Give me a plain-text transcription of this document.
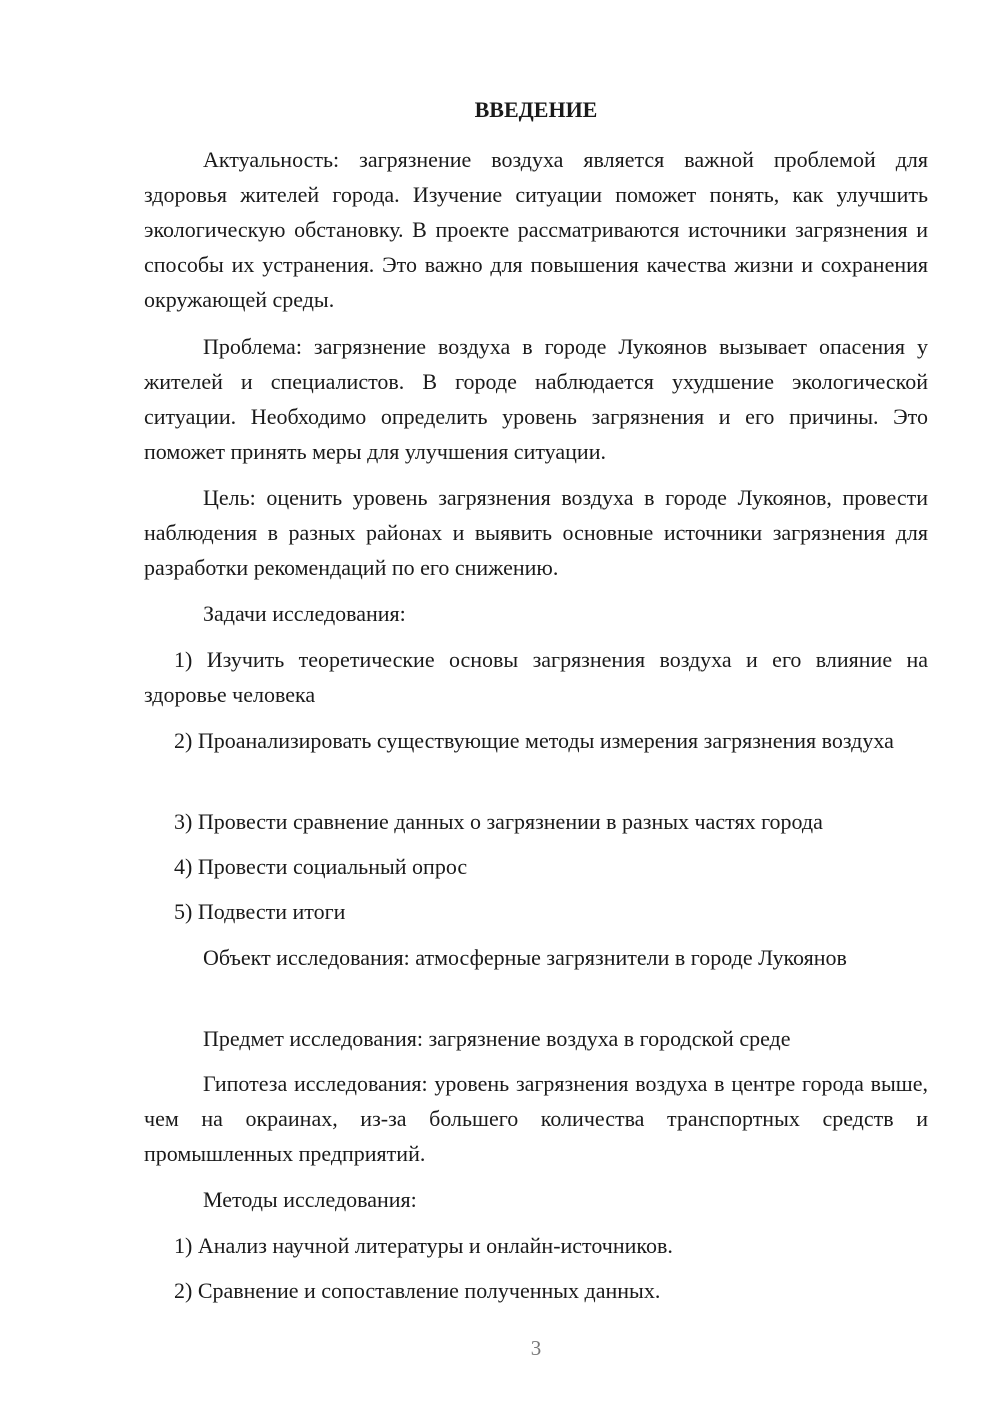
ВВЕДЕНИЕ

Актуальность: загрязнение воздуха является важной проблемой для здоровья жителей города. Изучение ситуации поможет понять, как улучшить экологическую обстановку. В проекте рассматриваются источники загрязнения и способы их устранения. Это важно для повышения качества жизни и сохранения окружающей среды.

Проблема: загрязнение воздуха в городе Лукоянов вызывает опасения у жителей и специалистов. В городе наблюдается ухудшение экологической ситуации. Необходимо определить уровень загрязнения и его причины. Это поможет принять меры для улучшения ситуации.

Цель: оценить уровень загрязнения воздуха в городе Лукоянов, провести наблюдения в разных районах и выявить основные источники загрязнения для разработки рекомендаций по его снижению.

Задачи исследования:

1) Изучить теоретические основы загрязнения воздуха и его влияние на здоровье человека

2) Проанализировать существующие методы измерения загрязнения воздуха

3) Провести сравнение данных о загрязнении в разных частях города

4) Провести социальный опрос

5) Подвести итоги

Объект исследования: атмосферные загрязнители в городе Лукоянов

Предмет исследования: загрязнение воздуха в городской среде

Гипотеза исследования: уровень загрязнения воздуха в центре города выше, чем на окраинах, из-за большего количества транспортных средств и промышленных предприятий.

Методы исследования:

1) Анализ научной литературы и онлайн-источников.

2) Сравнение и сопоставление полученных данных.

3
